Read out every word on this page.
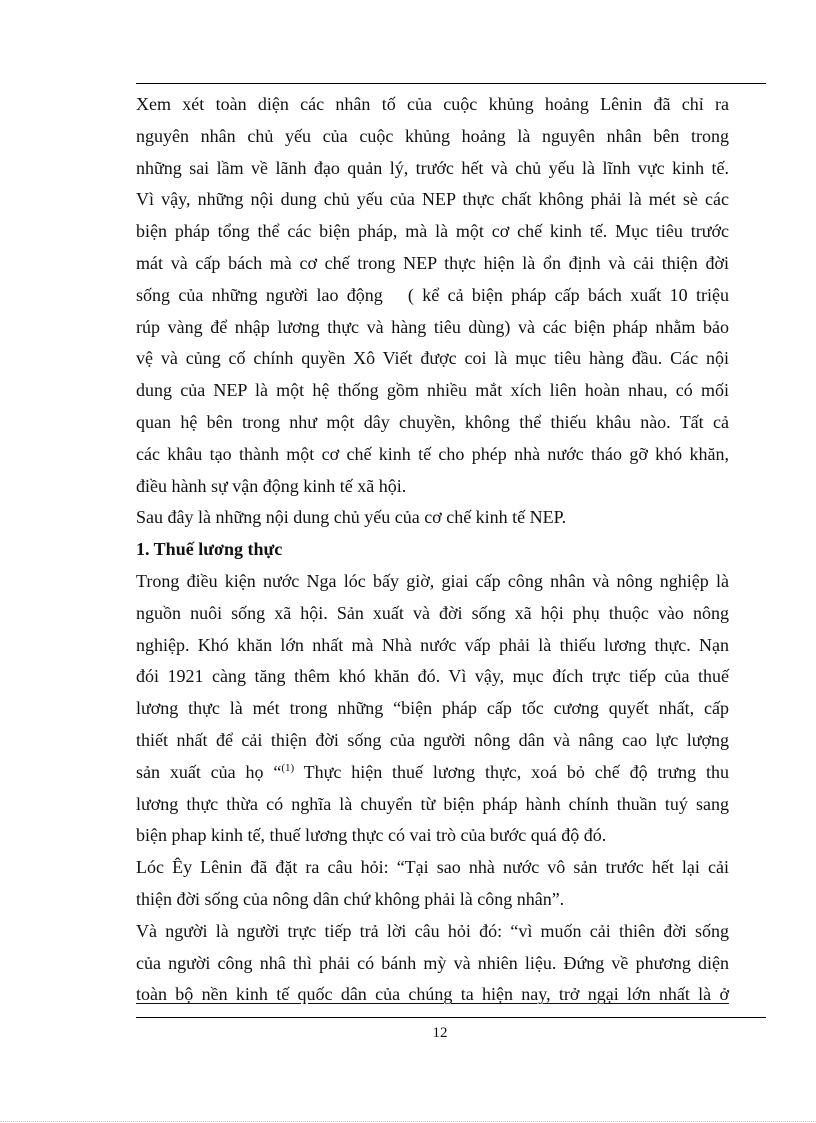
Xem xét toàn diện các nhân tố của cuộc khủng hoảng Lênin đã chỉ ra

nguyên nhân chủ yếu của cuộc khủng hoảng là nguyên nhân bên trong

những sai lầm về lãnh đạo quản lý, trước hết và chủ yếu là lĩnh vực kinh tế.

Vì vậy, những nội dung chủ yếu của NEP thực chất không phải là mét sè các

biện pháp tổng thể các biện pháp, mà là một cơ chế kinh tế. Mục tiêu trước

mát và cấp bách mà cơ chế trong NEP thực hiện là ổn định và cải thiện đời

sống của những người lao động   ( kể cả biện pháp cấp bách xuất 10 triệu

rúp vàng để nhập lương thực và hàng tiêu dùng) và các biện pháp nhằm bảo

vệ và củng cố chính quyền Xô Viết được coi là mục tiêu hàng đầu. Các nội

dung của NEP là một hệ thống gồm nhiều mắt xích liên hoàn nhau, có mối

quan hệ bên trong như một dây chuyền, không thể thiếu khâu nào. Tất cả

các khâu tạo thành một cơ chế kinh tế cho phép nhà nước tháo gỡ khó khăn,

điều hành sự vận động kinh tế xã hội.

Sau đây là những nội dung chủ yếu của cơ chế kinh tế NEP.

1. Thuế lương thực

Trong điều kiện nước Nga lóc bấy giờ, giai cấp công nhân và nông nghiệp là

nguồn nuôi sống xã hội. Sản xuất và đời sống xã hội phụ thuộc vào nông

nghiệp. Khó khăn lớn nhất mà Nhà nước vấp phải là thiếu lương thực. Nạn

đói 1921 càng tăng thêm khó khăn đó. Vì vậy, mục đích trực tiếp của thuế

lương thực là mét trong những “biện pháp cấp tốc cương quyết nhất, cấp

thiết nhất để cải thiện đời sống của người nông dân và nâng cao lực lượng

sản xuất của họ “$^{(1)}$ Thực hiện thuế lương thực, xoá bỏ chế độ trưng thu

lương thực thừa có nghĩa là chuyển từ biện pháp hành chính thuần tuý sang

biện phap kinh tế, thuế lương thực có vai trò của bước quá độ đó.

Lóc Êy Lênin đã đặt ra câu hỏi: “Tại sao nhà nước vô sản trước hết lại cải

thiện đời sống của nông dân chứ không phải là công nhân”.

Và người là người trực tiếp trả lời câu hỏi đó: “vì muốn cải thiên đời sống

của người công nhâ thì phải có bánh mỳ và nhiên liệu. Đứng về phương diện

toàn bộ nền kinh tế quốc dân của chúng ta hiện nay, trở ngại lớn nhất là ở

12
